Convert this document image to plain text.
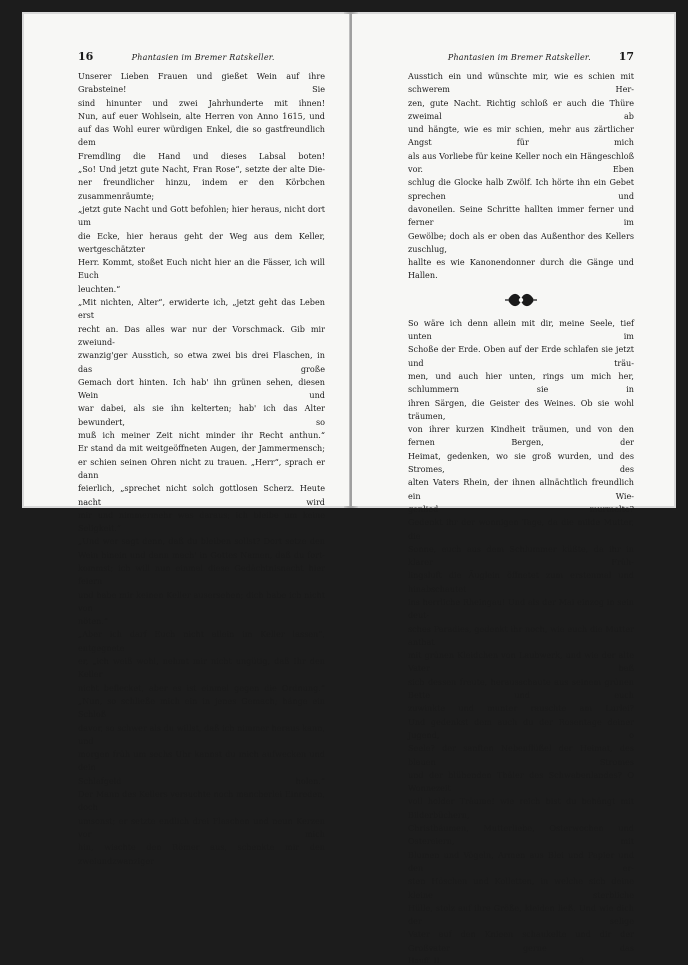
16	Phantasien im Bremer Ratskeller.

Unserer Lieben Frauen und gießet Wein auf ihre Grabsteine! Sie

sind hinunter und zwei Jahrhunderte mit ihnen!

Nun, auf euer Wohlsein, alte Herren von Anno 1615, und

auf das Wohl eurer würdigen Enkel, die so gastfreundlich dem

Fremdling die Hand und dieses Labsal boten!

„So! Und jetzt gute Nacht, Fran Rose“, setzte der alte Die-

ner freundlicher hinzu, indem er den Körbchen zusammenräumte;

„jetzt gute Nacht und Gott befohlen; hier heraus, nicht dort um

die Ecke, hier heraus geht der Weg aus dem Keller, wertgeschätzter

Herr. Kommt, stoßet Euch nicht hier an die Fässer, ich will Euch

leuchten.“

„Mit nichten, Alter“, erwiderte ich, „jetzt geht das Leben erst

recht an. Das alles war nur der Vorschmack. Gib mir zweiund-

zwanzig'ger Ausstich, so etwa zwei bis drei Flaschen, in das große

Gemach dort hinten. Ich hab' ihn grünen sehen, diesen Wein und

war dabei, als sie ihn kelterten; hab' ich das Alter bewundert, so

muß ich meiner Zeit nicht minder ihr Recht anthun.“

Er stand da mit weitgeöffneten Augen, der Jammermensch;

er schien seinen Ohren nicht zu trauen. „Herr“, sprach er dann

feierlich, „sprechet nicht solch gottlosen Scherz. Heute nacht wird

mir und nimmermehr was daraus; ich bleibe um keine Seligkeit.“

„Und wer sagt denn, daß du bleiben sollst? Dort setze den

Wein hinein und dann mach' in Gottes Namen, daß du fort-

kommst; ich will nun einmal diese Gedächtnisnacht hier feiern

und habe mir keinen Keller ausersehen; dich habe ich nicht von

nöten.“

„Aber ich darf Euch nicht allein im Keller lassen“, entgegnete

er, „ich weiß wohl, nehmt mir nicht ungütig, daß Ihr den Keller

nicht beflecket, aber es ist einmal gegen die Ordnung.“

„Nun, so schließe mich ein in jenes Gemach; hänge ein Schloß

davor, so schwer als du willst, daß ich nimmer heraus kann, und

morgen früh um sechs Uhr kannst du mich aufwecken und dein

Schlafgeld holen.“

Der Mann des Kellers versuchte noch mancherlei Einreden, doch

umsonst; er setzte endlich drei Flaschen und neun Kerzen vor mich

hin, wischte den Römer aus, schenkte mir den zweiundzwanziger

Phantasien im Bremer Ratskeller.	17

Ausstich ein und wünschte mir, wie es schien mit schwerem Her-

zen, gute Nacht. Richtig schloß er auch die Thüre zweimal ab

und hängte, wie es mir schien, mehr aus zärtlicher Angst für mich

als aus Vorliebe für keine Keller noch ein Hängeschloß vor. Eben

schlug die Glocke halb Zwölf. Ich hörte ihn ein Gebet sprechen und

davoneilen. Seine Schritte hallten immer ferner und ferner im

Gewölbe; doch als er oben das Außenthor des Kellers zuschlug,

hallte es wie Kanonendonner durch die Gänge und Hallen.

So wäre ich denn allein mit dir, meine Seele, tief unten im

Schoße der Erde. Oben auf der Erde schlafen sie jetzt und träu-

men, und auch hier unten, rings um mich her, schlummern sie in

ihren Särgen, die Geister des Weines. Ob sie wohl träumen,

von ihrer kurzen Kindheit träumen, und von den fernen Bergen, der

Heimat, gedenken, wo sie groß wurden, und des Stromes, des

alten Vaters Rhein, der ihnen allnächtlich freundlich ein Wie-

genlied murmelte?

Gedenkt ihr der wonnigen Tage, da die milde Mutter, die

Sonne, euch aus dem Schlummer küßte, da ihr in klarer Früh-

lingsluft die Äuglein öffnetet zum erstenmal und hinabschautet

ins herrliche Rheingau! Und als der Mai einzog in sein deut-

sches Paradies, gedenkt ihr noch, wie euch die Mutter anthat

mit grünen Kleidchen von Laubwerk, und wie der alte Vater baß

sich dessen freute, herausschaute aus seinem grünen Bette und euch

zuwinkte und munter rauschte am Lurlei?

Und gedenkst dem auch du der Rosentage deiner Jugend, o

Seele? der sanften Nebenflüßel der Heimat, des blauen Stromes

und der blühenden Thäler des Schwabenlandes? O Wonnezeit

voll holder Träume! wie reich bist du behängt mit Bilderbüchern,

Christbäumen, Mutterliebe, Osterwochen und Ostereiern, mit

Blumen und Vögeln, Armen aus Blei und Papier und den er-

sten Höschen und Kolletten, in welche sich deine kleine sterbliche

Hülle, stolz auf ihre Größe, kleiden ließ. Und wie dich der selige

Vater auf den Knieen schaukelte und dir der Großvater gerne das

Hauff. II.	2
